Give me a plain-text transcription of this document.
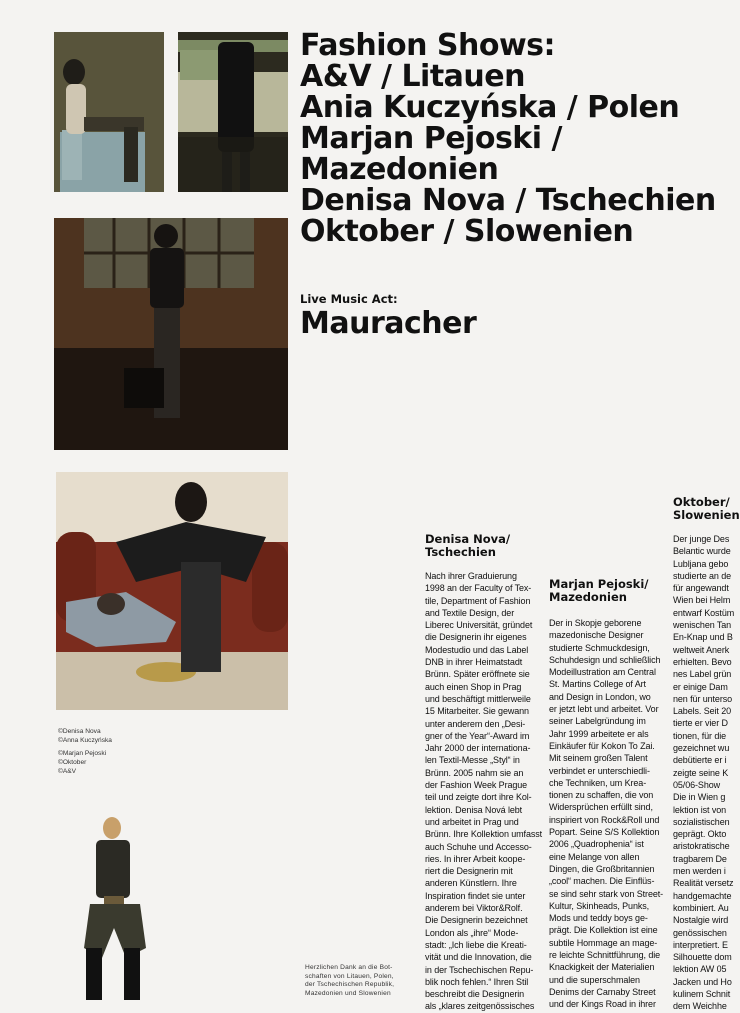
Fashion Shows:
A&V / Litauen
Ania Kuczyńska / Polen
Marjan Pejoski /
Mazedonien
Denisa Nova / Tschechien
Oktober / Slowenien
Live Music Act:
Mauracher
©Denisa Nova
©Anna Kuczyńska
©Marjan Pejoski
©Oktober
©A&V
Denisa Nova/
Tschechien
Nach ihrer Graduierung
1998 an der Faculty of Tex-
tile, Department of Fashion
and Textile Design, der
Liberec Universität, gründet
die Designerin ihr eigenes
Modestudio und das Label
DNB in ihrer Heimatstadt
Brünn. Später eröffnete sie
auch einen Shop in Prag
und beschäftigt mittlerweile
15 Mitarbeiter. Sie gewann
unter anderem den „Desi-
gner of the Year“-Award im
Jahr 2000 der internationa-
len Textil-Messe „Styl“ in
Brünn. 2005 nahm sie an
der Fashion Week Prague
teil und zeigte dort ihre Kol-
lektion. Denisa Nová lebt
und arbeitet in Prag und
Brünn. Ihre Kollektion umfasst
auch Schuhe und Accesso-
ries. In ihrer Arbeit koope-
riert die Designerin mit
anderen Künstlern. Ihre
Inspiration findet sie unter
anderem bei Viktor&Rolf.
Die Designerin bezeichnet
London als „ihre“ Mode-
stadt: „Ich liebe die Kreati-
vität und die Innovation, die
in der Tschechischen Repu-
blik noch fehlen.“ Ihren Stil
beschreibt die Designerin
als „klares zeitgenössisches
Marjan Pejoski/
Mazedonien
Der in Skopje geborene
mazedonische Designer
studierte Schmuckdesign,
Schuhdesign und schließlich
Modeillustration am Central
St. Martins College of Art
and Design in London, wo
er jetzt lebt und arbeitet. Vor
seiner Labelgründung im
Jahr 1999 arbeitete er als
Einkäufer für Kokon To Zai.
Mit seinem großen Talent
verbindet er unterschiedli-
che Techniken, um Krea-
tionen zu schaffen, die von
Widersprüchen erfüllt sind,
inspiriert von Rock&Roll und
Popart. Seine S/S Kollektion
2006 „Quadrophenia“ ist
eine Melange von allen
Dingen, die Großbritannien
„cool“ machen. Die Einflüs-
se sind sehr stark von Street-
Kultur, Skinheads, Punks,
Mods und teddy boys ge-
prägt. Die Kollektion ist eine
subtile Hommage an mage-
re leichte Schnittführung, die
Knackigkeit der Materialien
und die superschmalen
Denims der Carnaby Street
und der Kings Road in ihrer
Oktober/
Slowenien
Der junge Des
Belantic wurde
Lubljana gebo
studierte an de
für angewandt
Wien bei Helm
entwarf Kostüm
wenischen Tan
En-Knap und B
weltweit Anerk
erhielten. Bevo
nes Label grün
er einige Dam
nen für unterso
Labels. Seit 20
tierte er vier D
tionen, für die
gezeichnet wu
debütierte er i
zeigte seine K
05/06-Show
Die in Wien g
lektion ist von
sozialistischen
geprägt. Okto
aristokratische
tragbarem De
men werden i
Realität versetz
handgemachte
kombiniert. Au
Nostalgie wird
genössischen
interpretiert. E
Silhouette dom
lektion AW 05
Jacken und Ho
kulinem Schnit
dem Weichhe
Herzlichen Dank an die Bot-
schaften von Litauen, Polen,
der Tschechischen Republik,
Mazedonien und Slowenien
